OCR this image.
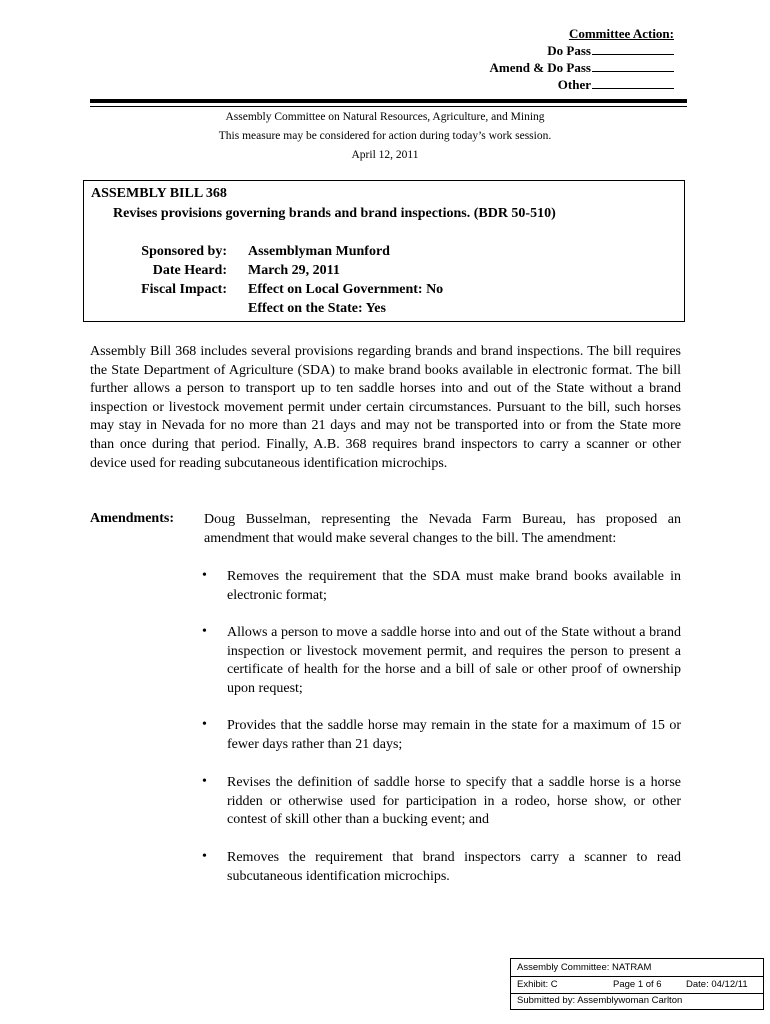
Committee Action:
Do Pass
Amend & Do Pass
Other
Assembly Committee on Natural Resources, Agriculture, and Mining
This measure may be considered for action during today’s work session.
April 12, 2011
ASSEMBLY BILL 368
Revises provisions governing brands and brand inspections. (BDR 50-510)
Sponsored by: Assemblyman Munford
Date Heard: March 29, 2011
Fiscal Impact: Effect on Local Government: No
Effect on the State: Yes
Assembly Bill 368 includes several provisions regarding brands and brand inspections. The bill requires the State Department of Agriculture (SDA) to make brand books available in electronic format. The bill further allows a person to transport up to ten saddle horses into and out of the State without a brand inspection or livestock movement permit under certain circumstances. Pursuant to the bill, such horses may stay in Nevada for no more than 21 days and may not be transported into or from the State more than once during that period. Finally, A.B. 368 requires brand inspectors to carry a scanner or other device used for reading subcutaneous identification microchips.
Amendments: Doug Busselman, representing the Nevada Farm Bureau, has proposed an amendment that would make several changes to the bill. The amendment:
• Removes the requirement that the SDA must make brand books available in electronic format;
• Allows a person to move a saddle horse into and out of the State without a brand inspection or livestock movement permit, and requires the person to present a certificate of health for the horse and a bill of sale or other proof of ownership upon request;
• Provides that the saddle horse may remain in the state for a maximum of 15 or fewer days rather than 21 days;
• Revises the definition of saddle horse to specify that a saddle horse is a horse ridden or otherwise used for participation in a rodeo, horse show, or other contest of skill other than a bucking event; and
• Removes the requirement that brand inspectors carry a scanner to read subcutaneous identification microchips.
Assembly Committee: NATRAM
Exhibit: C	Page 1 of 6	Date: 04/12/11
Submitted by: Assemblywoman Carlton
